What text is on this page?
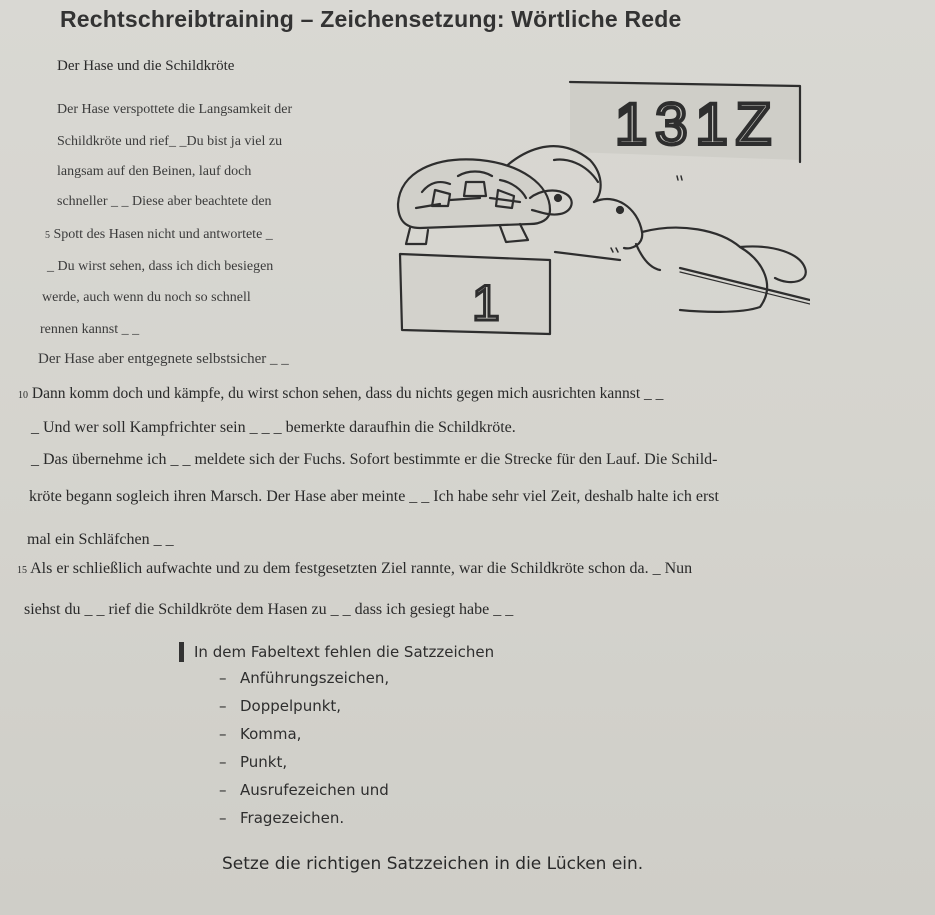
Rechtschreibtraining – Zeichensetzung: Wörtliche Rede
Der Hase und die Schildkröte
Der Hase verspottete die Langsamkeit der
Schildkröte und rief_ _Du bist ja viel zu
langsam auf den Beinen, lauf doch
schneller _ _ Diese aber beachtete den
5 Spott des Hasen nicht und antwortete _
_ Du wirst sehen, dass ich dich besiegen
werde, auch wenn du noch so schnell
rennen kannst _ _
Der Hase aber entgegnete selbstsicher _ _
10 Dann komm doch und kämpfe, du wirst schon sehen, dass du nichts gegen mich ausrichten kannst _ _
_ Und wer soll Kampfrichter sein _ _ _ bemerkte daraufhin die Schildkröte.
_ Das übernehme ich _ _ meldete sich der Fuchs. Sofort bestimmte er die Strecke für den Lauf. Die Schild-
kröte begann sogleich ihren Marsch. Der Hase aber meinte _ _ Ich habe sehr viel Zeit, deshalb halte ich erst
mal ein Schläfchen _ _
15 Als er schließlich aufwachte und zu dem festgesetzten Ziel rannte, war die Schildkröte schon da. _ Nun
siehst du _ _ rief die Schildkröte dem Hasen zu _ _ dass ich gesiegt habe _ _
131Z
1
In dem Fabeltext fehlen die Satzzeichen
– Anführungszeichen,
– Doppelpunkt,
– Komma,
– Punkt,
– Ausrufezeichen und
– Fragezeichen.
Setze die richtigen Satzzeichen in die Lücken ein.
